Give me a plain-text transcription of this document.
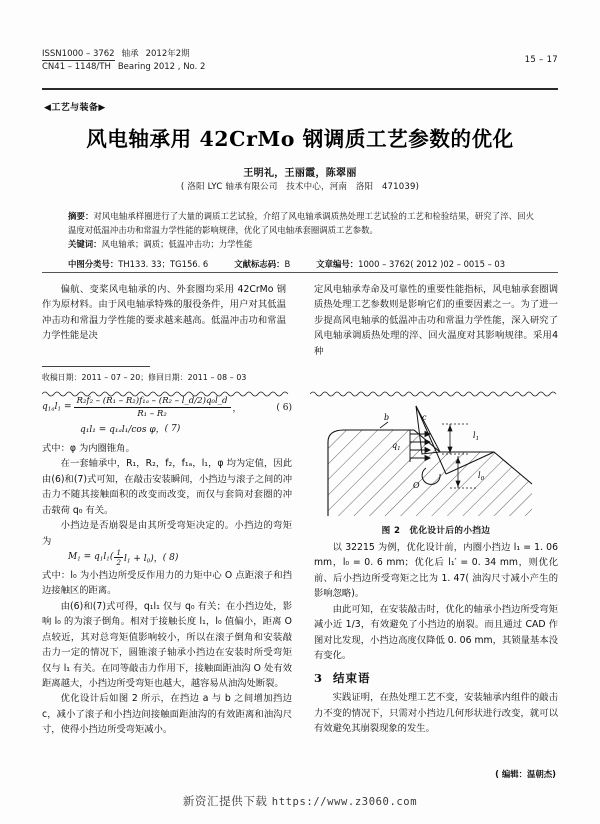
ISSN1000 – 3762 轴承 2012年2期
CN41 – 1148/TH Bearing 2012 , No. 2
15 – 17
◀工艺与装备▶
风电轴承用 42CrMo 钢调质工艺参数的优化
王明礼，王丽霞，陈翠丽
( 洛阳 LYC 轴承有限公司　技术中心，河南　洛阳　471039)
摘要：对风电轴承样圈进行了大量的调质工艺试验，介绍了风电轴承调质热处理工艺试验的工艺和检验结果，研究了淬、回火温度对低温冲击功和常温力学性能的影响规律，优化了风电轴承套圈调质工艺参数。
关键词：风电轴承；调质；低温冲击功；力学性能
中图分类号：TH133. 33；TG156. 6	文献标志码：B	文章编号：1000 – 3762( 2012 )02 – 0015 – 03

偏航、变桨风电轴承的内、外套圈均采用 42CrMo 钢作为原材料。由于风电轴承特殊的服役条件，用户对其低温冲击功和常温力学性能的要求越来越高。低温冲击功和常温力学性能是决

定风电轴承寿命及可靠性的重要性能指标，风电轴承套圈调质热处理工艺参数则是影响它们的重要因素之一。为了进一步提高风电轴承的低温冲击功和常温力学性能，深入研究了风电轴承调质热处理的淬、回火温度对其影响规律。采用4种

收稿日期：2011 – 07 – 20；修回日期：2011 – 08 – 03
$q_{1a}l_1 = \frac{\text{R₂f₂ – (R₁ – R₂)f₁ₐ – (R₂ – l\_d/2)q₀l\_d}}{\text{R₁ – R₂}}$ ，	( 6)
q₁l₁ = q₁ₐl₁/cos φ， ( 7)

式中：φ 为内圈锥角。

在一套轴承中，R₁，R₂，f₂，f₁ₐ，l₁，φ 均为定值，因此由(6)和(7)式可知，在敲击安装瞬间，小挡边与滚子之间的冲击力不随其接触面积的改变而改变，而仅与套筒对套圈的冲击载荷 q₀ 有关。

小挡边是否崩裂是由其所受弯矩决定的。小挡边的弯矩为

$M_1 = q_1l_1$( 1
2 $l_1 + l_0$)， ( 8)

式中：l₀ 为小挡边所受反作用力的力矩中心 O 点距滚子和挡边接触区的距离。

由(6)和(7)式可得，q₁l₁ 仅与 q₀ 有关；在小挡边处，影响 l₀ 的为滚子倒角。相对于接触长度 l₁，l₀ 值偏小，距离 O 点较近，其对总弯矩值影响较小，所以在滚子倒角和安装敲击力一定的情况下，圆锥滚子轴承小挡边在安装时所受弯矩仅与 l₁ 有关。在同等敲击力作用下，接触面距油沟 O 处有效距离越大，小挡边所受弯矩也越大，越容易从油沟处断裂。

优化设计后如图 2 所示，在挡边 a 与 b 之间增加挡边 c，减小了滚子和小挡边间接触面距油沟的有效距离和油沟尺寸，使得小挡边所受弯矩减小。

b	c
$q_1$
$l_1$
$l_0$
O
图 2　优化设计后的小挡边

以 32215 为例，优化设计前，内圈小挡边 l₁ = 1. 06 mm，l₀ = 0. 6 mm；优化后 l₁′ = 0. 34 mm，则优化前、后小挡边所受弯矩之比为 1. 47( 油沟尺寸减小产生的影响忽略)。

由此可知，在安装敲击时，优化的轴承小挡边所受弯矩减小近 1/3，有效避免了小挡边的崩裂。而且通过 CAD 作图对比发现，小挡边高度仅降低 0. 06 mm，其锁量基本没有变化。

3 结束语

实践证明，在热处理工艺不变，安装轴承内组件的敲击力不变的情况下，只需对小挡边几何形状进行改变，就可以有效避免其崩裂现象的发生。

( 编辑：温朝杰)
新资汇提供下载 https://www.z3060.com
